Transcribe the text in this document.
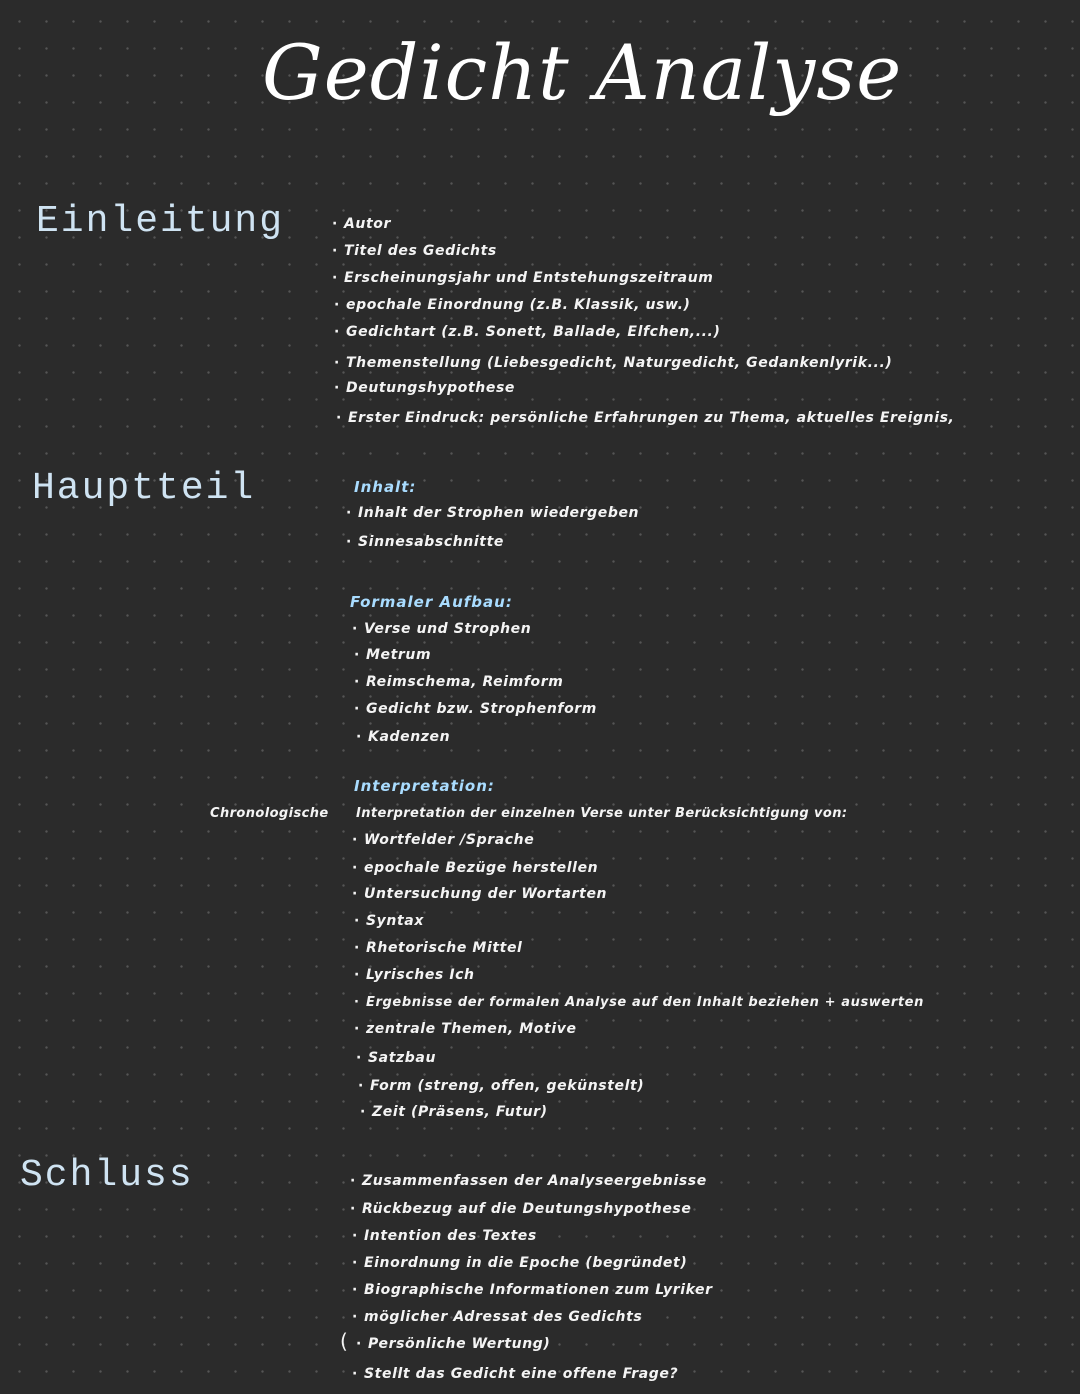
Gedicht Analyse
Einleitung	· Autor
· Titel des Gedichts
· Erscheinungsjahr und Entstehungszeitraum
· epochale Einordnung (z.B. Klassik, usw.)
· Gedichtart (z.B. Sonett, Ballade, Elfchen,...)
· Themenstellung (Liebesgedicht, Naturgedicht, Gedankenlyrik...)
· Deutungshypothese
· Erster Eindruck: persönliche Erfahrungen zu Thema, aktuelles Ereignis,
Hauptteil	Inhalt:
· Inhalt der Strophen wiedergeben
· Sinnesabschnitte
Formaler Aufbau:
· Verse und Strophen
· Metrum
· Reimschema, Reimform
· Gedicht bzw. Strophenform
· Kadenzen
Interpretation:
Chronologische Interpretation der einzelnen Verse unter Berücksichtigung von:
· Wortfelder /Sprache
· epochale Bezüge herstellen
· Untersuchung der Wortarten
· Syntax
· Rhetorische Mittel
· Lyrisches Ich
· Ergebnisse der formalen Analyse auf den Inhalt beziehen + auswerten
· zentrale Themen, Motive
· Satzbau
· Form (streng, offen, gekünstelt)
· Zeit (Präsens, Futur)
Schluss	· Zusammenfassen der Analyseergebnisse
· Rückbezug auf die Deutungshypothese
· Intention des Textes
· Einordnung in die Epoche (begründet)
· Biographische Informationen zum Lyriker
· möglicher Adressat des Gedichts
( · Persönliche Wertung)
· Stellt das Gedicht eine offene Frage?
